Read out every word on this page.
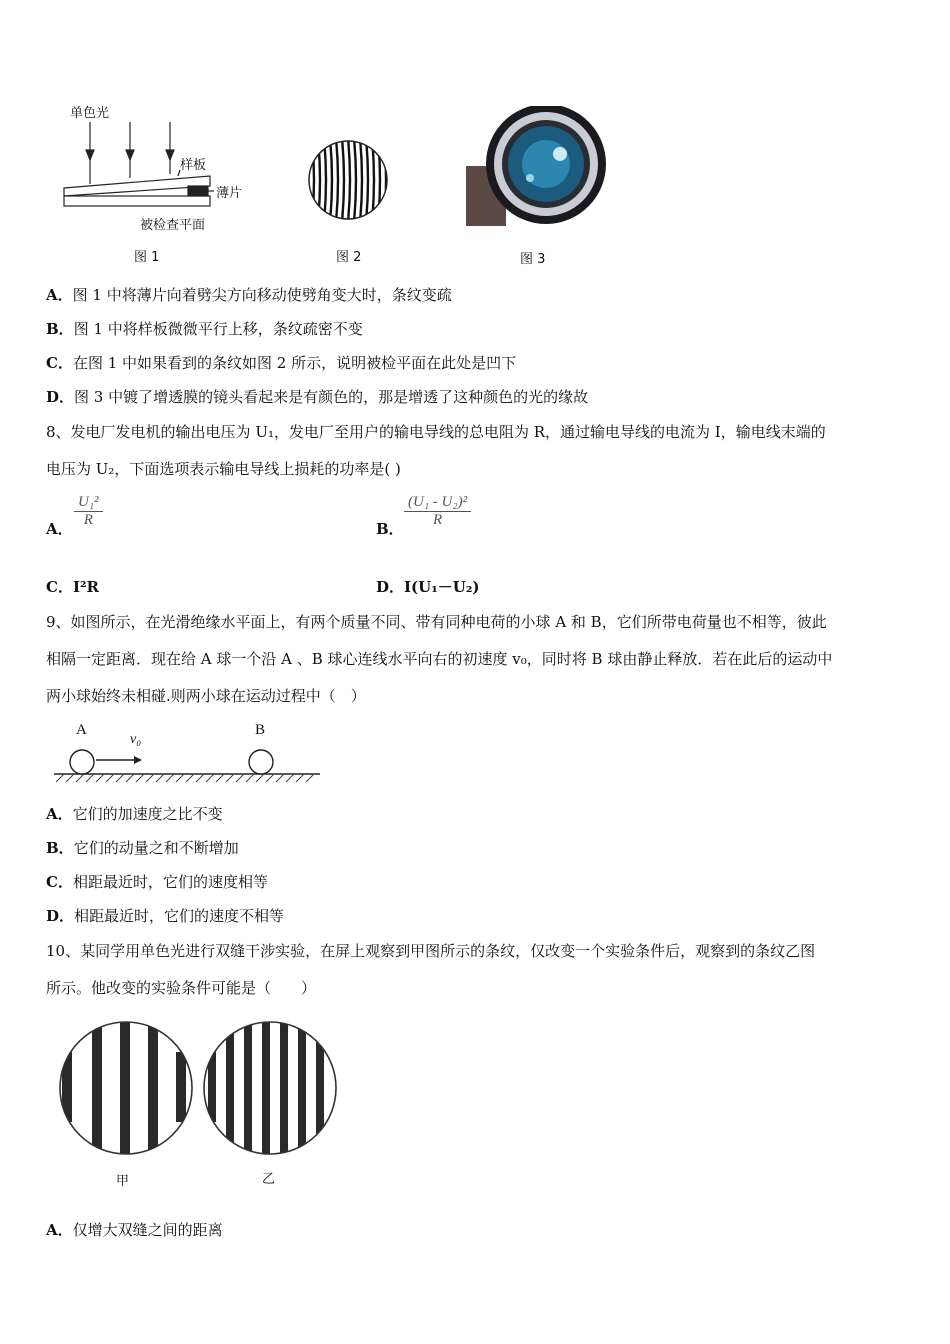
单色光
样板
薄片
被检查平面
图 1	图 2	图 3
A．图 1 中将薄片向着劈尖方向移动使劈角变大时，条纹变疏
B．图 1 中将样板微微平行上移，条纹疏密不变
C．在图 1 中如果看到的条纹如图 2 所示，说明被检平面在此处是凹下
D．图 3 中镀了增透膜的镜头看起来是有颜色的，那是增透了这种颜色的光的缘故
8、发电厂发电机的输出电压为 U₁，发电厂至用户的输电导线的总电阻为 R，通过输电导线的电流为 I，输电线末端的
电压为 U₂，下面选项表示输电导线上损耗的功率是( )
A． $\frac{\text{U₁²}}{R}$	B． $\frac{\text{(U₁ - U₂)²}}{R}$
C．I²R	D．I(U₁－U₂)
9、如图所示，在光滑绝缘水平面上，有两个质量不同、带有同种电荷的小球 A 和 B，它们所带电荷量也不相等，彼此
相隔一定距离．现在给 A 球一个沿 A 、B 球心连线水平向右的初速度 v₀，同时将 B 球由静止释放．若在此后的运动中
两小球始终未相碰.则两小球在运动过程中（　）
A	B
v₀
A．它们的加速度之比不变
B．它们的动量之和不断增加
C．相距最近时，它们的速度相等
D．相距最近时，它们的速度不相等
10、某同学用单色光进行双缝干涉实验，在屏上观察到甲图所示的条纹，仅改变一个实验条件后，观察到的条纹乙图
所示。他改变的实验条件可能是（　　）
甲	乙
A．仅增大双缝之间的距离
